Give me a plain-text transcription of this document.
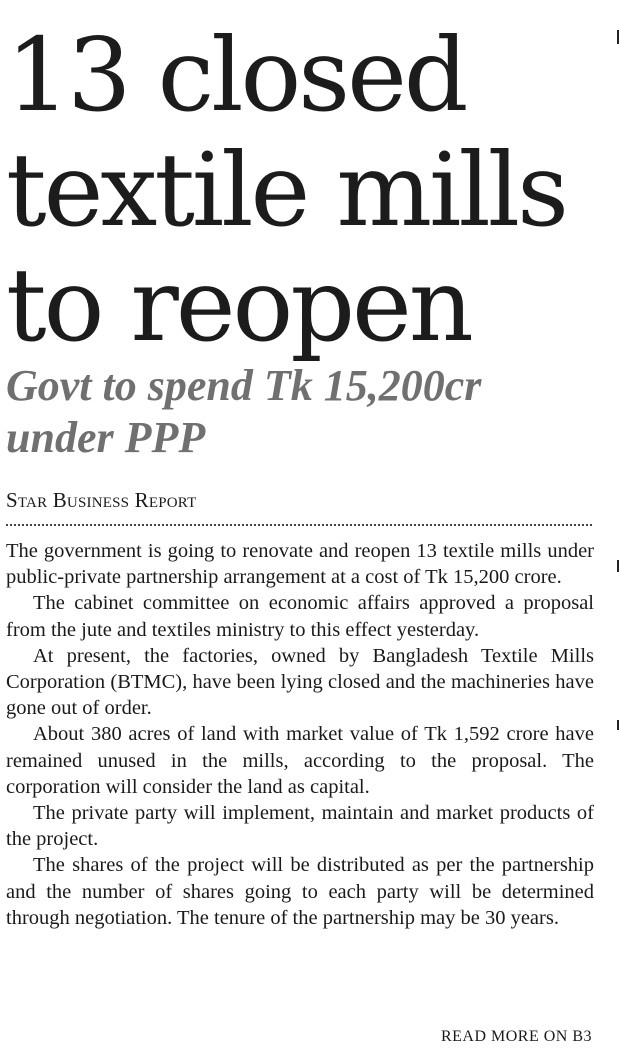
13 closed
textile mills
to reopen
Govt to spend Tk 15,200cr
under PPP
Star Business Report

The government is going to renovate and reopen 13 textile mills under public-private partnership arrangement at a cost of Tk 15,200 crore.

The cabinet committee on economic affairs approved a proposal from the jute and textiles ministry to this effect yesterday.

At present, the factories, owned by Bangladesh Textile Mills Corporation (BTMC), have been lying closed and the machineries have gone out of order.

About 380 acres of land with market value of Tk 1,592 crore have remained unused in the mills, according to the proposal. The corporation will consider the land as capital.

The private party will implement, maintain and market products of the project.

The shares of the project will be distributed as per the partnership and the number of shares going to each party will be determined through negotiation. The tenure of the partnership may be 30 years.

READ MORE ON B3
